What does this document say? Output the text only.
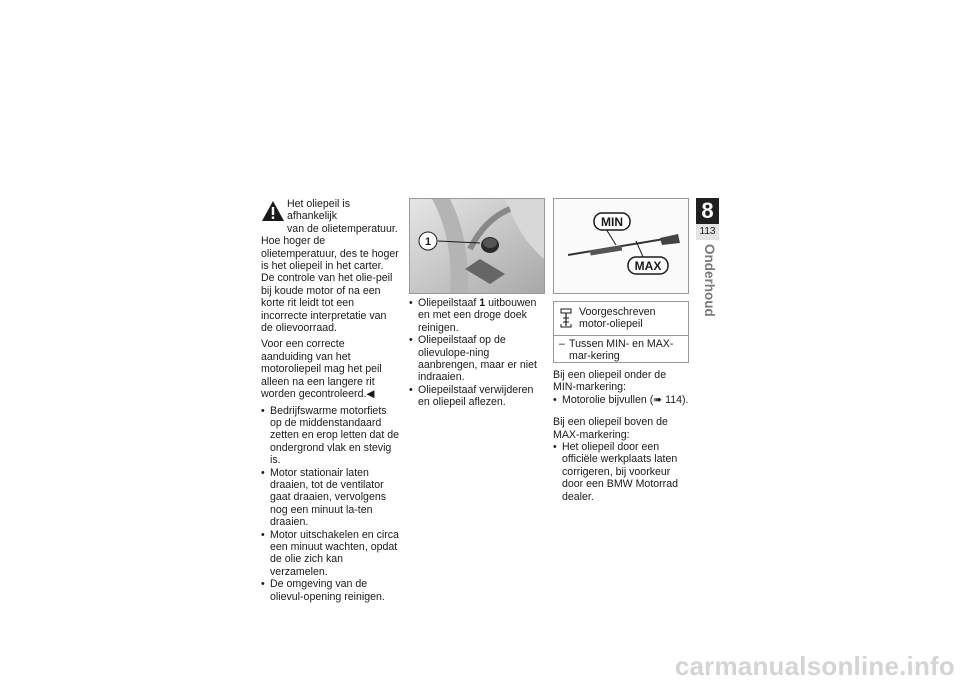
Het oliepeil is afhankelijk
van de olietemperatuur.

Hoe hoger de olietemperatuur, des te hoger is het oliepeil in het carter. De controle van het olie-peil bij koude motor of na een korte rit leidt tot een incorrecte interpretatie van de olievoorraad.

Voor een correcte aanduiding van het motoroliepeil mag het peil alleen na een langere rit worden gecontroleerd.◀

• Bedrijfswarme motorfiets op de middenstandaard zetten en erop letten dat de ondergrond vlak en stevig is.
• Motor stationair laten draaien, tot de ventilator gaat draaien, vervolgens nog een minuut la-ten draaien.
• Motor uitschakelen en circa een minuut wachten, opdat de olie zich kan verzamelen.
• De omgeving van de olievul-opening reinigen.
1
• Oliepeilstaaf 1 uitbouwen en met een droge doek reinigen.
• Oliepeilstaaf op de olievulope-ning aanbrengen, maar er niet indraaien.
• Oliepeilstaaf verwijderen en oliepeil aflezen.
MIN
MAX
Voorgeschreven motor-oliepeil
– Tussen MIN- en MAX-mar-kering

Bij een oliepeil onder de MIN-markering:

• Motorolie bijvullen (➠ 114).

Bij een oliepeil boven de MAX-markering:

• Het oliepeil door een officiële werkplaats laten corrigeren, bij voorkeur door een BMW Motorrad dealer.
8
113
Onderhoud
carmanualsonline.info
